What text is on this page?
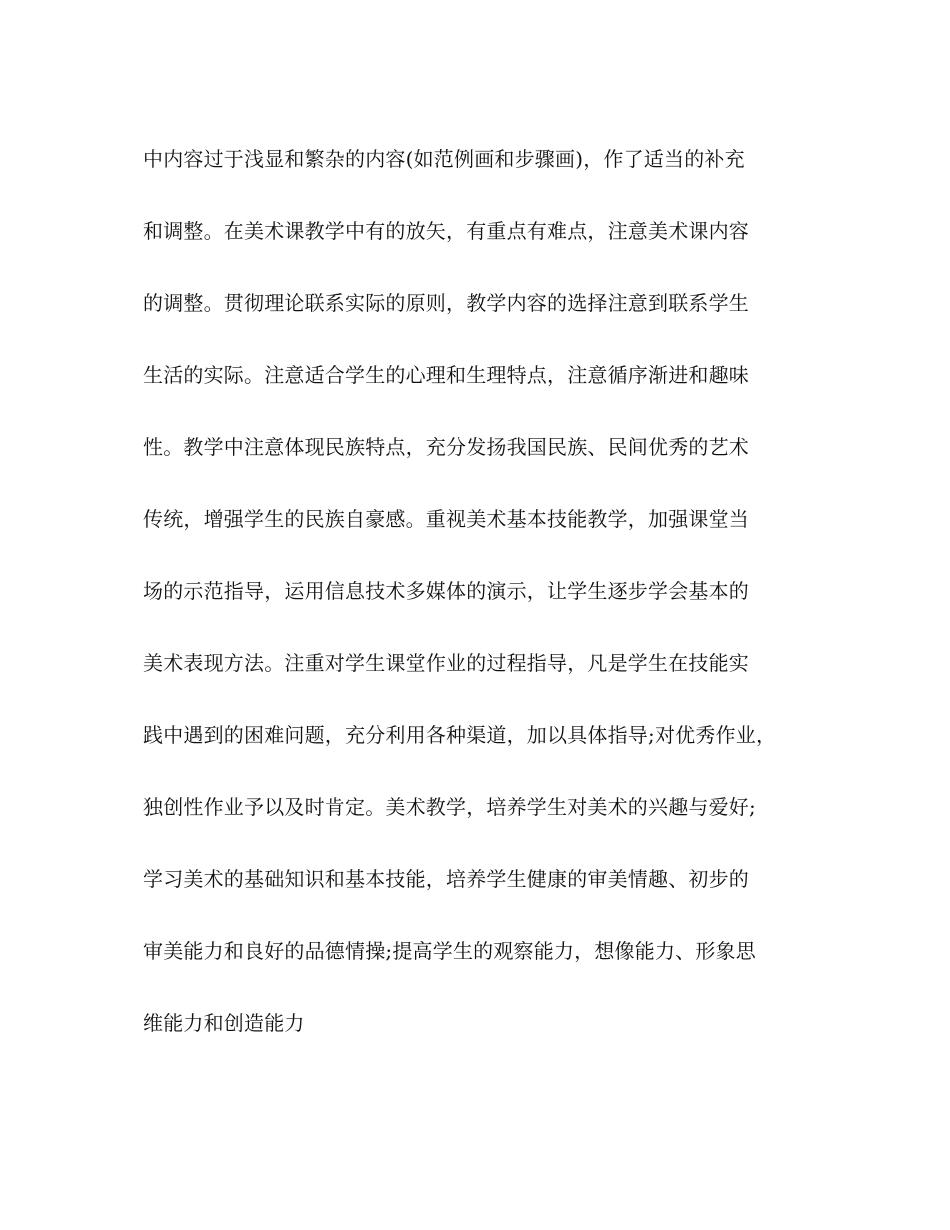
中内容过于浅显和繁杂的内容(如范例画和步骤画)，作了适当的补充
和调整。在美术课教学中有的放矢，有重点有难点，注意美术课内容
的调整。贯彻理论联系实际的原则，教学内容的选择注意到联系学生
生活的实际。注意适合学生的心理和生理特点，注意循序渐进和趣味
性。教学中注意体现民族特点，充分发扬我国民族、民间优秀的艺术
传统，增强学生的民族自豪感。重视美术基本技能教学，加强课堂当
场的示范指导，运用信息技术多媒体的演示，让学生逐步学会基本的
美术表现方法。注重对学生课堂作业的过程指导，凡是学生在技能实
践中遇到的困难问题，充分利用各种渠道，加以具体指导;对优秀作业，
独创性作业予以及时肯定。美术教学，培养学生对美术的兴趣与爱好;
学习美术的基础知识和基本技能，培养学生健康的审美情趣、初步的
审美能力和良好的品德情操;提高学生的观察能力，想像能力、形象思
维能力和创造能力
